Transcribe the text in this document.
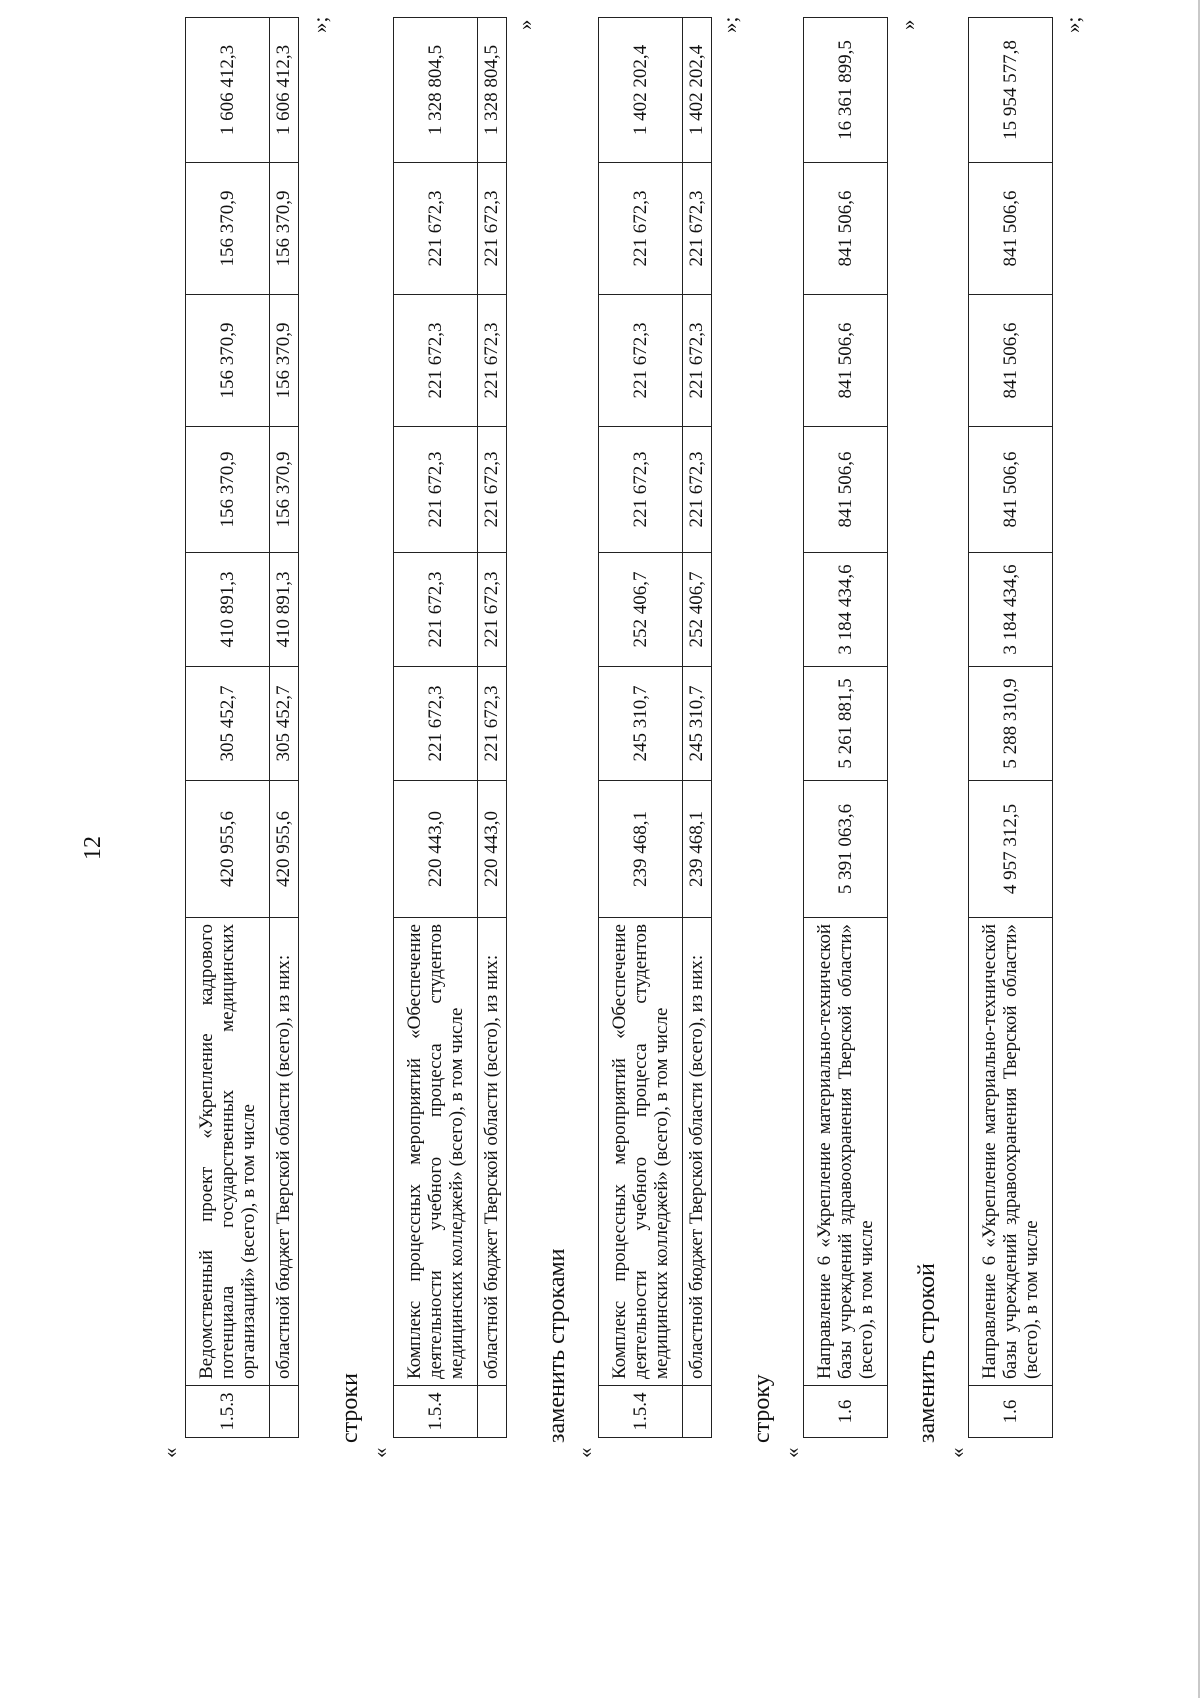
12
«
1.5.3	Ведомственный проект «Укрепление кадрового потенциала государственных медицинских организаций» (всего), в том числе	420 955,6	305 452,7	410 891,3	156 370,9	156 370,9	156 370,9	1 606 412,3
	областной бюджет Тверской области (всего), из них:	420 955,6	305 452,7	410 891,3	156 370,9	156 370,9	156 370,9	1 606 412,3
»;
строки
«
1.5.4	Комплекс процессных мероприятий «Обеспечение деятельности учебного процесса студентов медицинских колледжей» (всего), в том числе	220 443,0	221 672,3	221 672,3	221 672,3	221 672,3	221 672,3	1 328 804,5
	областной бюджет Тверской области (всего), из них:	220 443,0	221 672,3	221 672,3	221 672,3	221 672,3	221 672,3	1 328 804,5
»
заменить строками
«
1.5.4	Комплекс процессных мероприятий «Обеспечение деятельности учебного процесса студентов медицинских колледжей» (всего), в том числе	239 468,1	245 310,7	252 406,7	221 672,3	221 672,3	221 672,3	1 402 202,4
	областной бюджет Тверской области (всего), из них:	239 468,1	245 310,7	252 406,7	221 672,3	221 672,3	221 672,3	1 402 202,4
»;
строку
«
1.6	Направление 6 «Укрепление материально-технической базы учреждений здравоохранения Тверской области» (всего), в том числе	5 391 063,6	5 261 881,5	3 184 434,6	841 506,6	841 506,6	841 506,6	16 361 899,5
»
заменить строкой
«
1.6	Направление 6 «Укрепление материально-технической базы учреждений здравоохранения Тверской области» (всего), в том числе	4 957 312,5	5 288 310,9	3 184 434,6	841 506,6	841 506,6	841 506,6	15 954 577,8
»;
